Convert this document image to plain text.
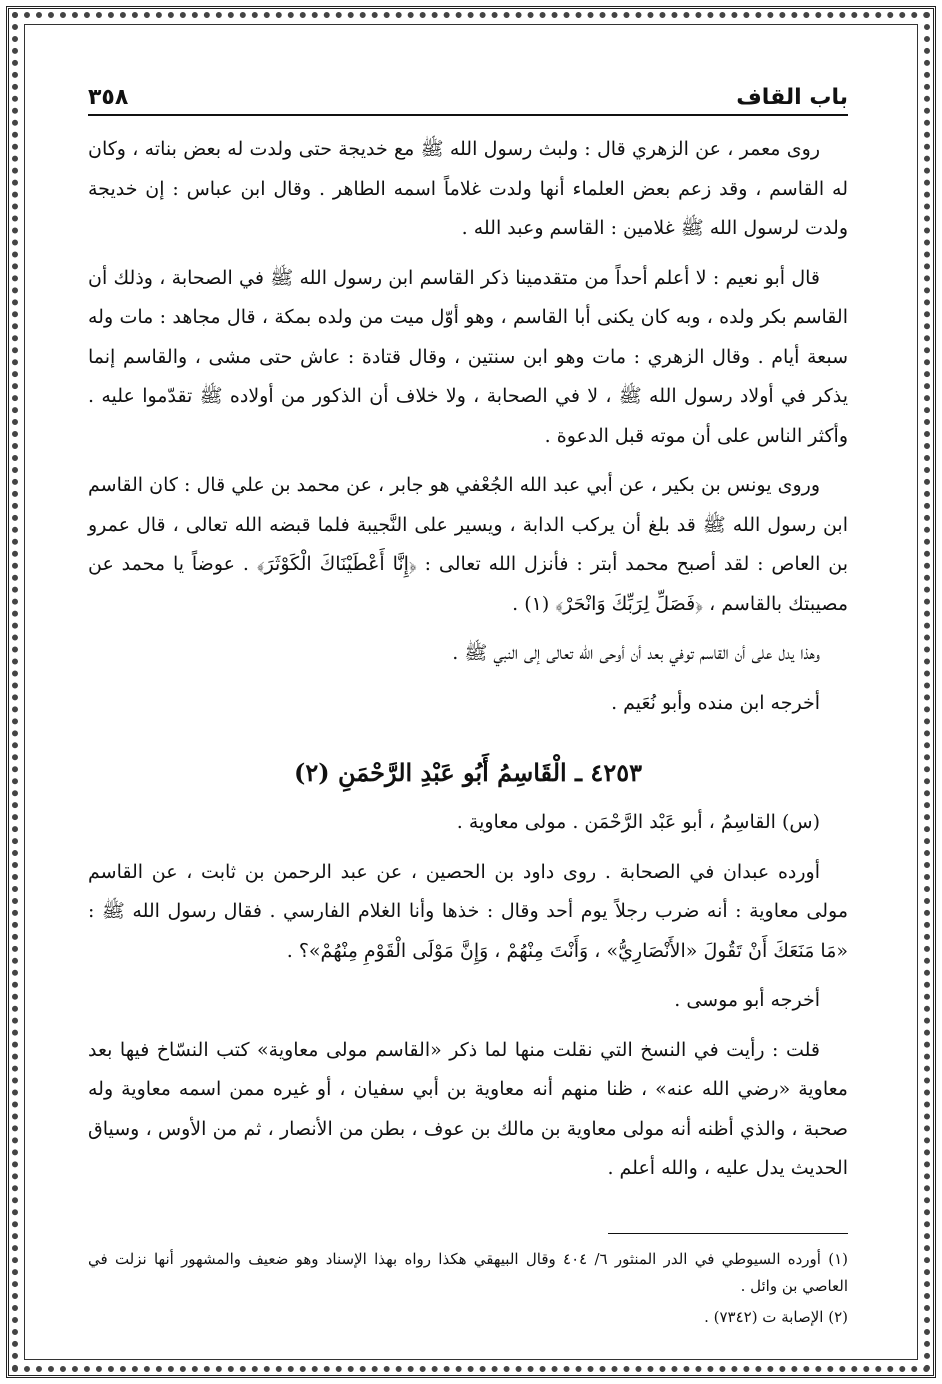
باب القاف
٣٥٨

روى معمر ، عن الزهري قال : ولبث رسول الله ﷺ مع خديجة حتى ولدت له بعض بناته ، وكان له القاسم ، وقد زعم بعض العلماء أنها ولدت غلاماً اسمه الطاهر . وقال ابن عباس : إن خديجة ولدت لرسول الله ﷺ غلامين : القاسم وعبد الله .

قال أبو نعيم : لا أعلم أحداً من متقدمينا ذكر القاسم ابن رسول الله ﷺ في الصحابة ، وذلك أن القاسم بكر ولده ، وبه كان يكنى أبا القاسم ، وهو أوّل ميت من ولده بمكة ، قال مجاهد : مات وله سبعة أيام . وقال الزهري : مات وهو ابن سنتين ، وقال قتادة : عاش حتى مشى ، والقاسم إنما يذكر في أولاد رسول الله ﷺ ، لا في الصحابة ، ولا خلاف أن الذكور من أولاده ﷺ تقدّموا عليه . وأكثر الناس على أن موته قبل الدعوة .

وروى يونس بن بكير ، عن أبي عبد الله الجُعْفي هو جابر ، عن محمد بن علي قال : كان القاسم ابن رسول الله ﷺ قد بلغ أن يركب الدابة ، ويسير على النَّجيبة فلما قبضه الله تعالى ، قال عمرو بن العاص : لقد أصبح محمد أبتر : فأنزل الله تعالى : ﴿إِنَّا أَعْطَيْنَاكَ الْكَوْثَرَ﴾ . عوضاً يا محمد عن مصيبتك بالقاسم ، ﴿فَصَلِّ لِرَبِّكَ وَانْحَرْ﴾ (١) .

وهذا يدل على أن القاسم توفي بعد أن أوحى الله تعالى إلى النبي ﷺ .

أخرجه ابن منده وأبو نُعَيم .

٤٢٥٣ ـ الْقَاسِمُ أَبُو عَبْدِ الرَّحْمَنِ (٢)

(س) القاسِمُ ، أبو عَبْد الرَّحْمَن . مولى معاوية .

أورده عبدان في الصحابة . روى داود بن الحصين ، عن عبد الرحمن بن ثابت ، عن القاسم مولى معاوية : أنه ضرب رجلاً يوم أحد وقال : خذها وأنا الغلام الفارسي . فقال رسول الله ﷺ : «مَا مَنَعَكَ أَنْ تَقُولَ «الأَنْصَارِيُّ» ، وَأَنْتَ مِنْهُمْ ، وَإِنَّ مَوْلَى الْقَوْمِ مِنْهُمْ»؟ .

أخرجه أبو موسى .

قلت : رأيت في النسخ التي نقلت منها لما ذكر «القاسم مولى معاوية» كتب النسّاخ فيها بعد معاوية «رضي الله عنه» ، ظنا منهم أنه معاوية بن أبي سفيان ، أو غيره ممن اسمه معاوية وله صحبة ، والذي أظنه أنه مولى معاوية بن مالك بن عوف ، بطن من الأنصار ، ثم من الأوس ، وسياق الحديث يدل عليه ، والله أعلم .

(١) أورده السيوطي في الدر المنثور ٦/ ٤٠٤ وقال البيهقي هكذا رواه بهذا الإسناد وهو ضعيف والمشهور أنها نزلت في العاصي بن وائل .

(٢) الإصابة ت (٧٣٤٢) .
